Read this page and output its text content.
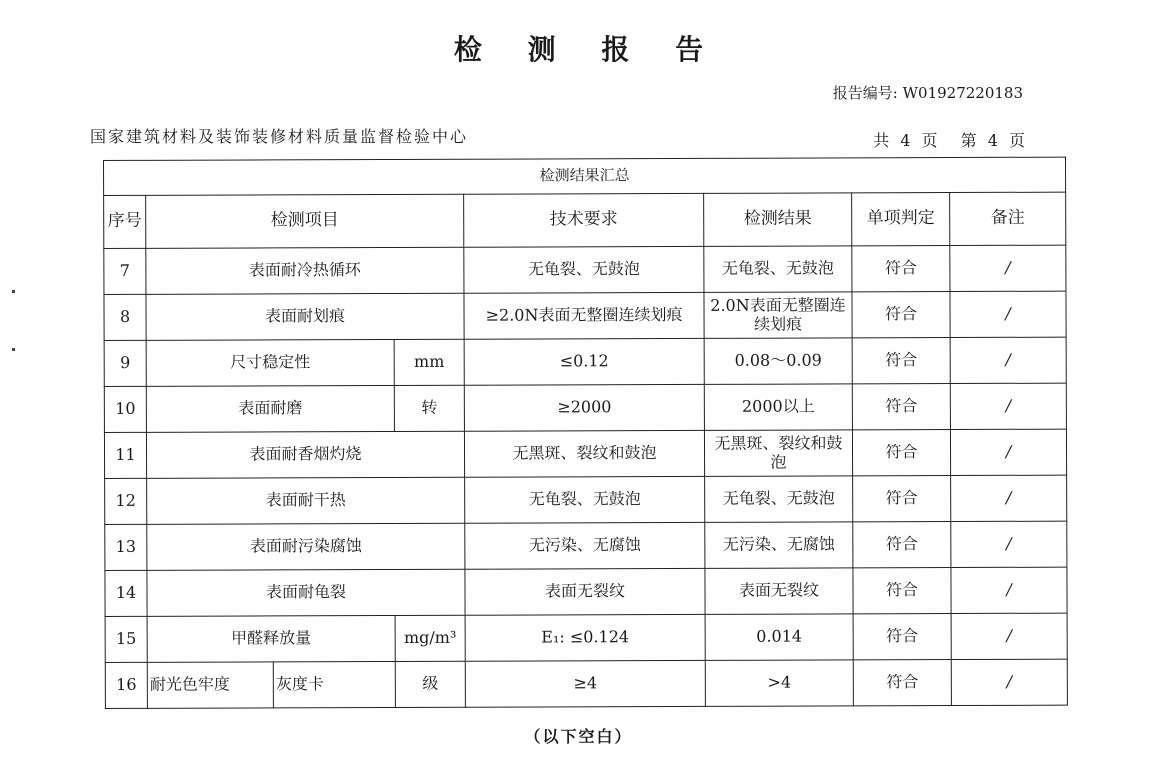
检 测 报 告
报告编号: W01927220183
国家建筑材料及装饰装修材料质量监督检验中心	共 4 页 第 4 页
检测结果汇总							
序号	检测项目			技术要求	检测结果	单项判定	备注
7	表面耐冷热循环			无龟裂、无鼓泡	无龟裂、无鼓泡	符合	/
8	表面耐划痕			≥2.0N表面无整圈连续划痕	2.0N表面无整圈连续划痕	符合	/
9	尺寸稳定性		mm	≤0.12	0.08～0.09	符合	/
10	表面耐磨		转	≥2000	2000以上	符合	/
11	表面耐香烟灼烧			无黑斑、裂纹和鼓泡	无黑斑、裂纹和鼓泡	符合	/
12	表面耐干热			无龟裂、无鼓泡	无龟裂、无鼓泡	符合	/
13	表面耐污染腐蚀			无污染、无腐蚀	无污染、无腐蚀	符合	/
14	表面耐龟裂			表面无裂纹	表面无裂纹	符合	/
15	甲醛释放量		mg/m³	E₁: ≤0.124	0.014	符合	/
16	耐光色牢度	灰度卡	级	≥4	>4	符合	/
（以下空白）
